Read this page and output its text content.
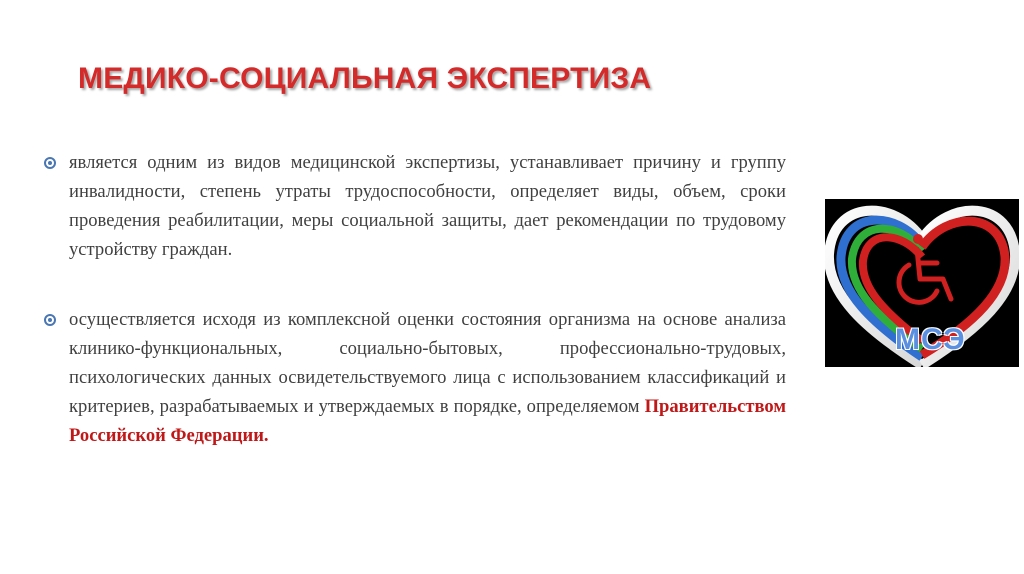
МЕДИКО-СОЦИАЛЬНАЯ ЭКСПЕРТИЗА
является одним из видов медицинской экспертизы, устанавливает причину и группу инвалидности, степень утраты трудоспособности, определяет виды, объем, сроки проведения реабилитации, меры социальной защиты, дает рекомендации по трудовому устройству граждан.
осуществляется исходя из комплексной оценки состояния организма на основе анализа клинико-функциональных, социально-бытовых, профессионально-трудовых, психологических данных освидетельствуемого лица с использованием классификаций и критериев, разрабатываемых и утверждаемых в порядке, определяемом Правительством Российской Федерации.
МСЭ
